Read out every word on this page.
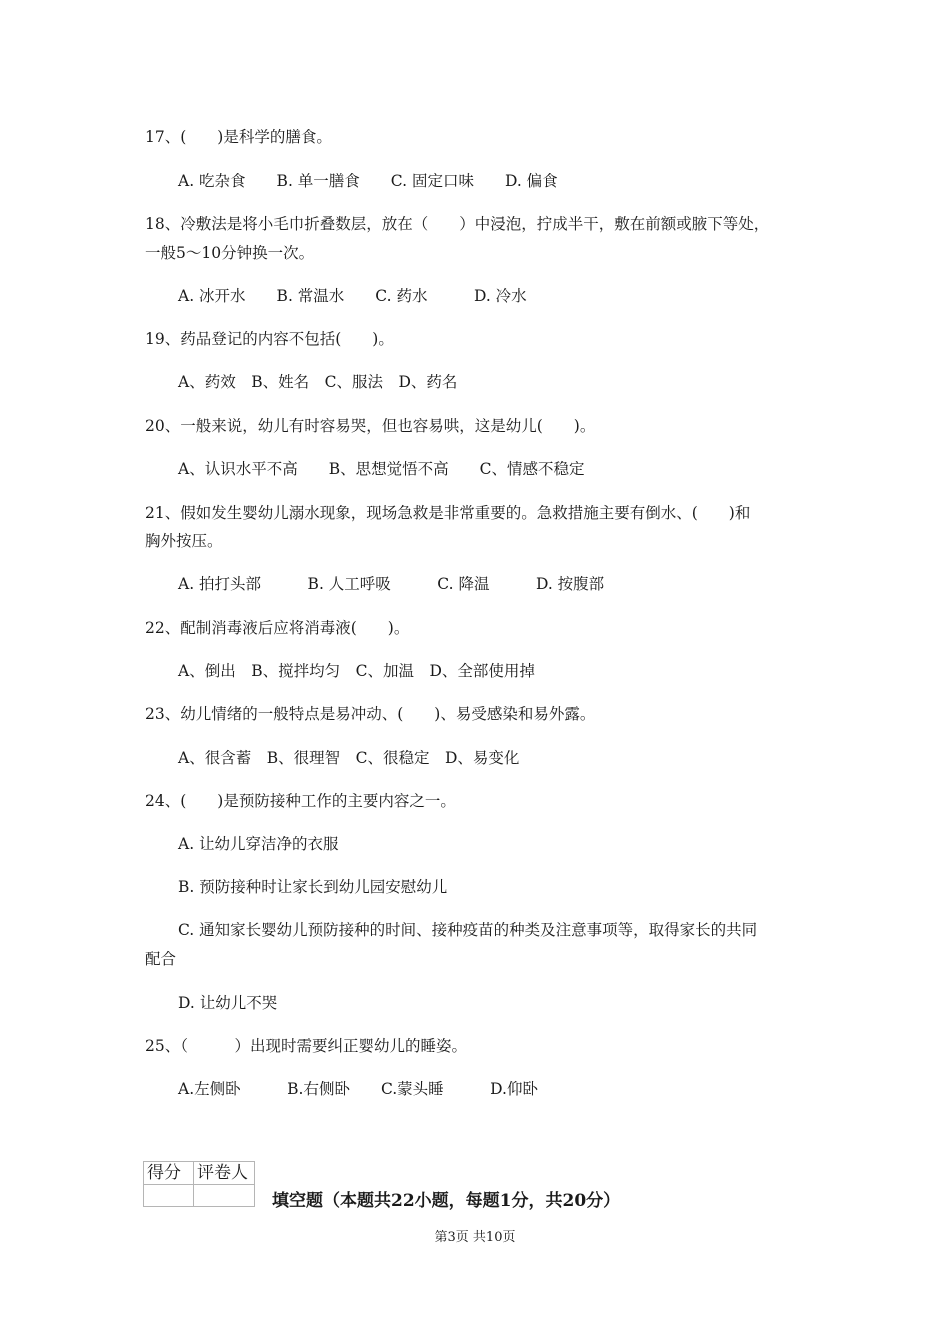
17、(　　)是科学的膳食。
A. 吃杂食　　B. 单一膳食　　C. 固定口味　　D. 偏食
18、冷敷法是将小毛巾折叠数层，放在（　　）中浸泡，拧成半干，敷在前额或腋下等处，
一般5～10分钟换一次。
A. 冰开水　　B. 常温水　　C. 药水　　　D. 冷水
19、药品登记的内容不包括(　　)。
A、药效　B、姓名　C、服法　D、药名
20、一般来说，幼儿有时容易哭，但也容易哄，这是幼儿(　　)。
A、认识水平不高　　B、思想觉悟不高　　C、情感不稳定
21、假如发生婴幼儿溺水现象，现场急救是非常重要的。急救措施主要有倒水、(　　)和
胸外按压。
A. 拍打头部　　　B. 人工呼吸　　　C. 降温　　　D. 按腹部
22、配制消毒液后应将消毒液(　　)。
A、倒出　B、搅拌均匀　C、加温　D、全部使用掉
23、幼儿情绪的一般特点是易冲动、(　　)、易受感染和易外露。
A、很含蓄　B、很理智　C、很稳定　D、易变化
24、(　　)是预防接种工作的主要内容之一。
A. 让幼儿穿洁净的衣服
B. 预防接种时让家长到幼儿园安慰幼儿
C. 通知家长婴幼儿预防接种的时间、接种疫苗的种类及注意事项等，取得家长的共同
配合
D. 让幼儿不哭
25、（　　　）出现时需要纠正婴幼儿的睡姿。
A.左侧卧　　　B.右侧卧　　C.蒙头睡　　　D.仰卧
得分	评卷人

填空题（本题共22小题，每题1分，共20分）
第3页 共10页
